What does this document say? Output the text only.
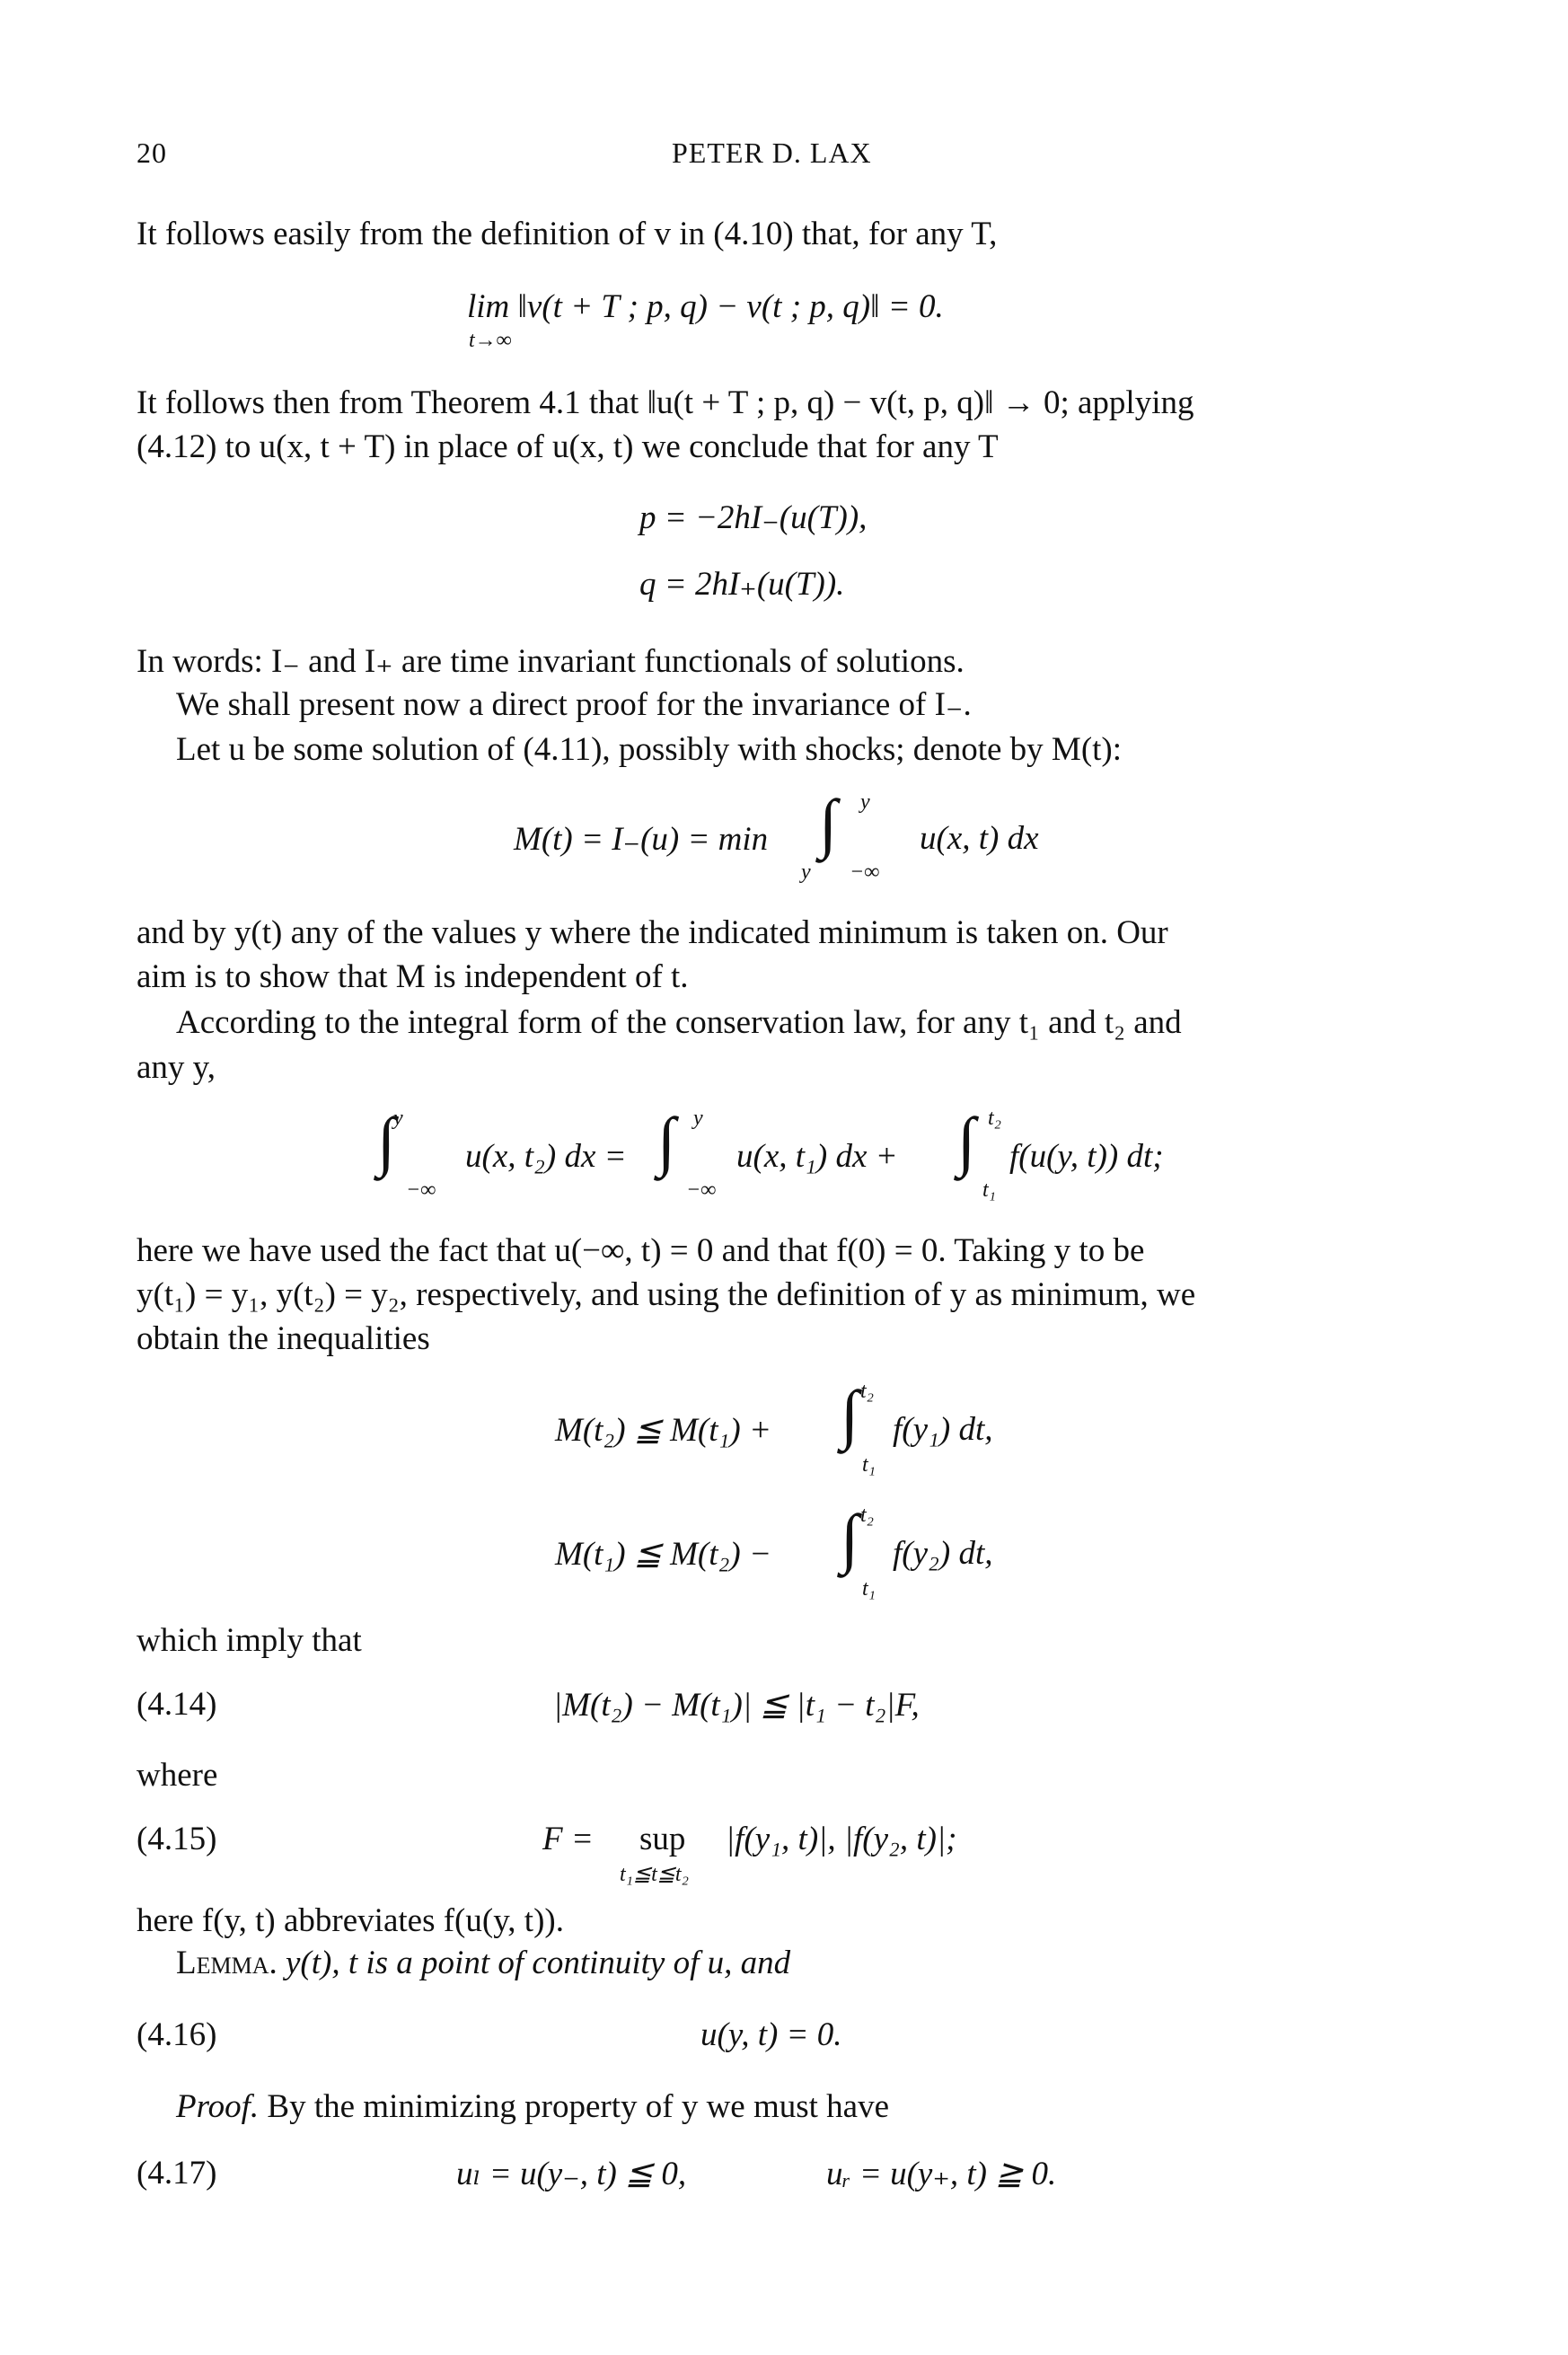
20	PETER D. LAX
It follows easily from the definition of v in (4.10) that, for any T,
lim ‖v(t + T ; p, q) − v(t ; p, q)‖ = 0.
t→∞
It follows then from Theorem 4.1 that ‖u(t + T ; p, q) − v(t, p, q)‖ → 0; applying
(4.12) to u(x, t + T) in place of u(x, t) we conclude that for any T
p = −2hI₋(u(T)),
q = 2hI₊(u(T)).
In words: I₋ and I₊ are time invariant functionals of solutions.
We shall present now a direct proof for the invariance of I₋.
Let u be some solution of (4.11), possibly with shocks; denote by M(t):
M(t) = I₋(u) = min
y
∫ y
−∞
u(x, t) dx
and by y(t) any of the values y where the indicated minimum is taken on. Our
aim is to show that M is independent of t.
According to the integral form of the conservation law, for any t₁ and t₂ and
any y,
∫
y
−∞
u(x, t₂) dx = ∫ y
−∞
u(x, t₁) dx + ∫ t₂
t₁
f(u(y, t)) dt;
here we have used the fact that u(−∞, t) = 0 and that f(0) = 0. Taking y to be
y(t₁) = y₁, y(t₂) = y₂, respectively, and using the definition of y as minimum, we
obtain the inequalities
M(t₂) ≦ M(t₁) + ∫ t₂
t₁
f(y₁) dt,
M(t₁) ≦ M(t₂) − ∫ t₂
t₁
f(y₂) dt,
which imply that
(4.14)	|M(t₂) − M(t₁)| ≦ |t₁ − t₂|F,
where
(4.15)	F = sup
t₁≦t≦t₂
|f(y₁, t)|, |f(y₂, t)|;
here f(y, t) abbreviates f(u(y, t)).
Lemma. y(t), t is a point of continuity of u, and
(4.16)	u(y, t) = 0.
Proof. By the minimizing property of y we must have
(4.17)	uₗ = u(y₋, t) ≦ 0,	uᵣ = u(y₊, t) ≧ 0.
